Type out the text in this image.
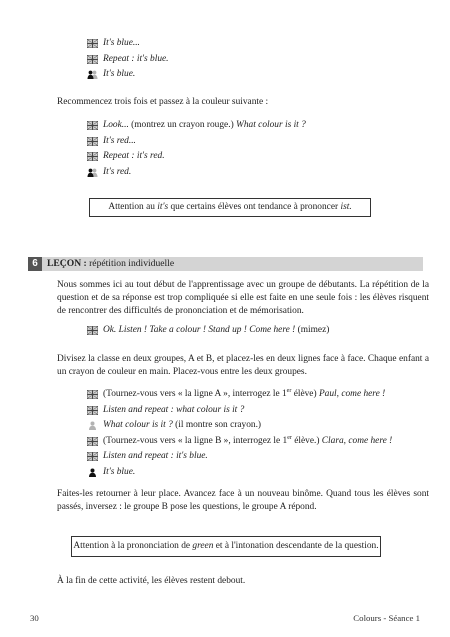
It's blue...
Repeat : it's blue.
It's blue.
Recommencez trois fois et passez à la couleur suivante :
Look... (montrez un crayon rouge.) What colour is it ?
It's red...
Repeat : it's red.
It's red.
Attention au it's que certains élèves ont tendance à prononcer ist.
6 LEÇON : répétition individuelle
Nous sommes ici au tout début de l'apprentissage avec un groupe de débutants. La répétition de la question et de sa réponse est trop compliquée si elle est faite en une seule fois : les élèves risquent de rencontrer des difficultés de prononciation et de mémorisation.
Ok. Listen ! Take a colour ! Stand up ! Come here ! (mimez)
Divisez la classe en deux groupes, A et B, et placez-les en deux lignes face à face. Chaque enfant a un crayon de couleur en main. Placez-vous entre les deux groupes.
(Tournez-vous vers « la ligne A », interrogez le 1er élève) Paul, come here !
Listen and repeat : what colour is it ?
What colour is it ? (il montre son crayon.)
(Tournez-vous vers « la ligne B », interrogez le 1er élève.) Clara, come here !
Listen and repeat : it's blue.
It's blue.
Faites-les retourner à leur place. Avancez face à un nouveau binôme. Quand tous les élèves sont passés, inversez : le groupe B pose les questions, le groupe A répond.
Attention à la prononciation de green et à l'intonation descendante de la question.
À la fin de cette activité, les élèves restent debout.
30	Colours - Séance 1
